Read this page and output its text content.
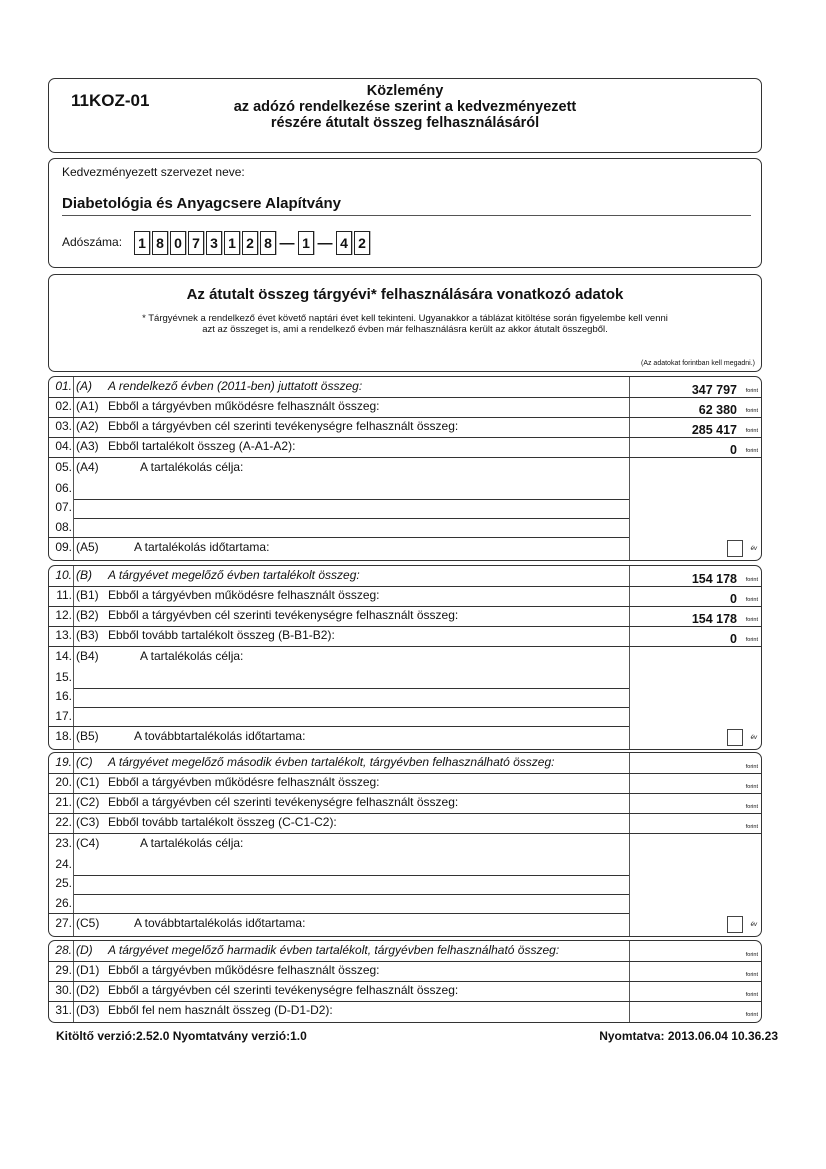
11KOZ-01	Közlemény
az adózó rendelkezése szerint a kedvezményezett
részére átutalt összeg felhasználásáról
Kedvezményezett szervezet neve:
Diabetológia és Anyagcsere Alapítvány
Adószáma: 1 8 0 7 3 1 2 8 — 1 — 4 2
Az átutalt összeg tárgyévi* felhasználására vonatkozó adatok
* Tárgyévnek a rendelkező évet követő naptári évet kell tekinteni. Ugyanakkor a táblázat kitöltése során figyelembe kell venni
azt az összeget is, ami a rendelkező évben már felhasználásra került az akkor átutalt összegből.
(Az adatokat forintban kell megadni.)
01. (A) A rendelkező évben (2011-ben) juttatott összeg:	347 797 forint
02. (A1) Ebből a tárgyévben működésre felhasznált összeg:	62 380 forint
03. (A2) Ebből a tárgyévben cél szerinti tevékenységre felhasznált összeg:	285 417 forint
04. (A3) Ebből tartalékolt összeg (A-A1-A2):	0 forint
05. (A4)	A tartalékolás célja:
06.
07.
08.
09. (A5)	A tartalékolás időtartama:	év
10. (B) A tárgyévet megelőző évben tartalékolt összeg:	154 178 forint
11. (B1) Ebből a tárgyévben működésre felhasznált összeg:	0 forint
12. (B2) Ebből a tárgyévben cél szerinti tevékenységre felhasznált összeg:	154 178 forint
13. (B3) Ebből tovább tartalékolt összeg (B-B1-B2):	0 forint
14. (B4)	A tartalékolás célja:
15.
16.
17.
18. (B5)	A továbbtartalékolás időtartama:	év
19. (C) A tárgyévet megelőző második évben tartalékolt, tárgyévben felhasználható összeg:	forint
20. (C1) Ebből a tárgyévben működésre felhasznált összeg:	forint
21. (C2) Ebből a tárgyévben cél szerinti tevékenységre felhasznált összeg:	forint
22. (C3) Ebből tovább tartalékolt összeg (C-C1-C2):	forint
23. (C4)	A tartalékolás célja:
24.
25.
26.
27. (C5)	A továbbtartalékolás időtartama:	év
28. (D) A tárgyévet megelőző harmadik évben tartalékolt, tárgyévben felhasználható összeg:	forint
29. (D1) Ebből a tárgyévben működésre felhasznált összeg:	forint
30. (D2) Ebből a tárgyévben cél szerinti tevékenységre felhasznált összeg:	forint
31. (D3) Ebből fel nem használt összeg (D-D1-D2):	forint
Kitöltő verzió:2.52.0 Nyomtatvány verzió:1.0	Nyomtatva: 2013.06.04 10.36.23
